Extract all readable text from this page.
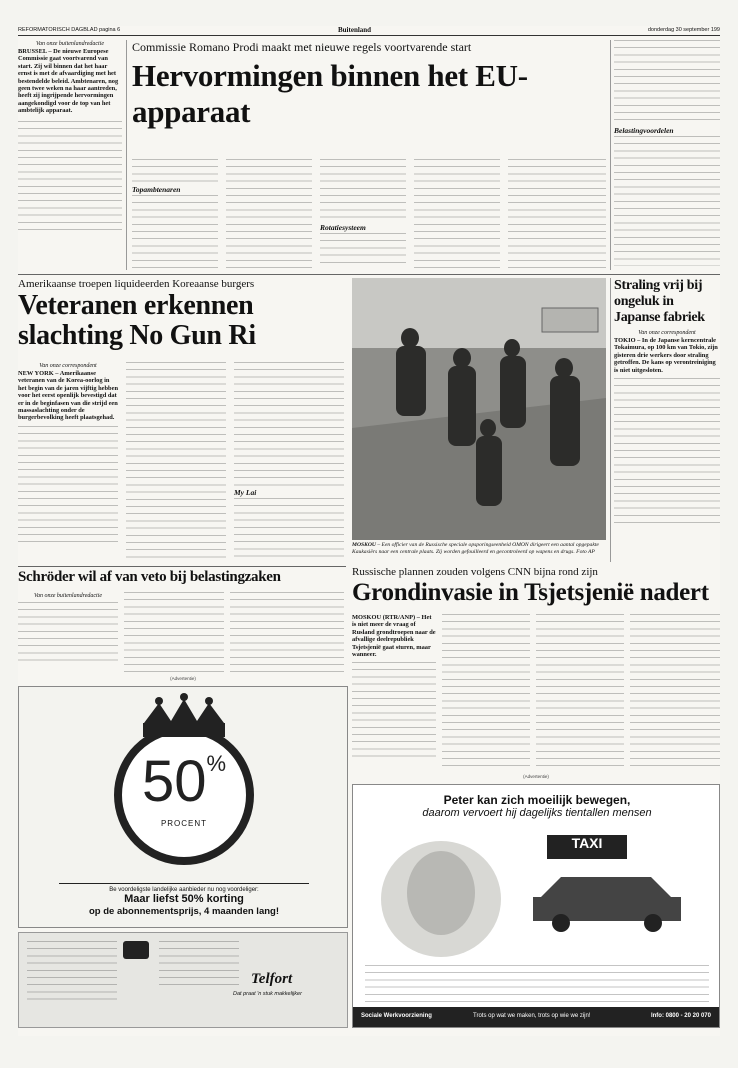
REFORMATORISCH DAGBLAD pagina 6	Buitenland	donderdag 30 september 199
Van onze buitenlandredactie
BRUSSEL – De nieuwe Europese Commissie gaat voortvarend van start. Zij wil binnen dat het haar ernst is met de afvaardiging met het bestendelde beleid. Ambtenaren, nog geen twee weken na haar aantreden, heeft zij ingrijpende hervormingen aangekondigd voor de top van het ambtelijk apparaat.
Commissie Romano Prodi maakt met nieuwe regels voortvarende start
Hervormingen binnen het EU-apparaat
Topambtenaren
Rotatiesysteem
Belastingvoordelen
Amerikaanse troepen liquideerden Koreaanse burgers
Veteranen erkennen
slachting No Gun Ri
Van onze correspondent
NEW YORK – Amerikaanse veteranen van de Korea-oorlog in het begin van de jaren vijftig hebben voor het eerst openlijk bevestigd dat er in de beginfasen van die strijd een massaslachting onder de burgerbevolking heeft plaatsgehad.
My Lai
MOSKOU – Een officier van de Russische speciale opsporingseenheid OMON dirigeert een aantal opgepakte Kaukasiërs naar een centrale plaats. Zij worden gefouilleerd en gecontroleerd op wapens en drugs. Foto AP
Straling vrij bij ongeluk in Japanse fabriek
Van onze correspondent
TOKIO – In de Japanse kerncentrale Tokaimura, op 100 km van Tokio, zijn gisteren drie werkers door straling getroffen. De kans op verontreiniging is niet uitgesloten.
Russische plannen zouden volgens CNN bijna rond zijn
Grondinvasie in Tsjetsjenië nadert
MOSKOU (RTR/ANP) – Het is niet meer de vraag of Rusland grondtroepen naar de afvallige deelrepubliek Tsjetsjenië gaat sturen, maar wanneer.
Schröder wil af van veto bij belastingzaken
Van onze buitenlandredactie
(Advertentie)
50%
PROCENT
Be voordeligste landelijke aanbieder nu nog voordeliger:
Maar liefst 50% korting
op de abonnementsprijs, 4 maanden lang!
Telfort
Dat praat 'n stuk makkelijker
(Advertentie)
Peter kan zich moeilijk bewegen,
daarom vervoert hij dagelijks tientallen mensen
TAXI
Sociale Werkvoorziening	Trots op wat we maken, trots op wie we zijn!	Info: 0800 - 20 20 070
